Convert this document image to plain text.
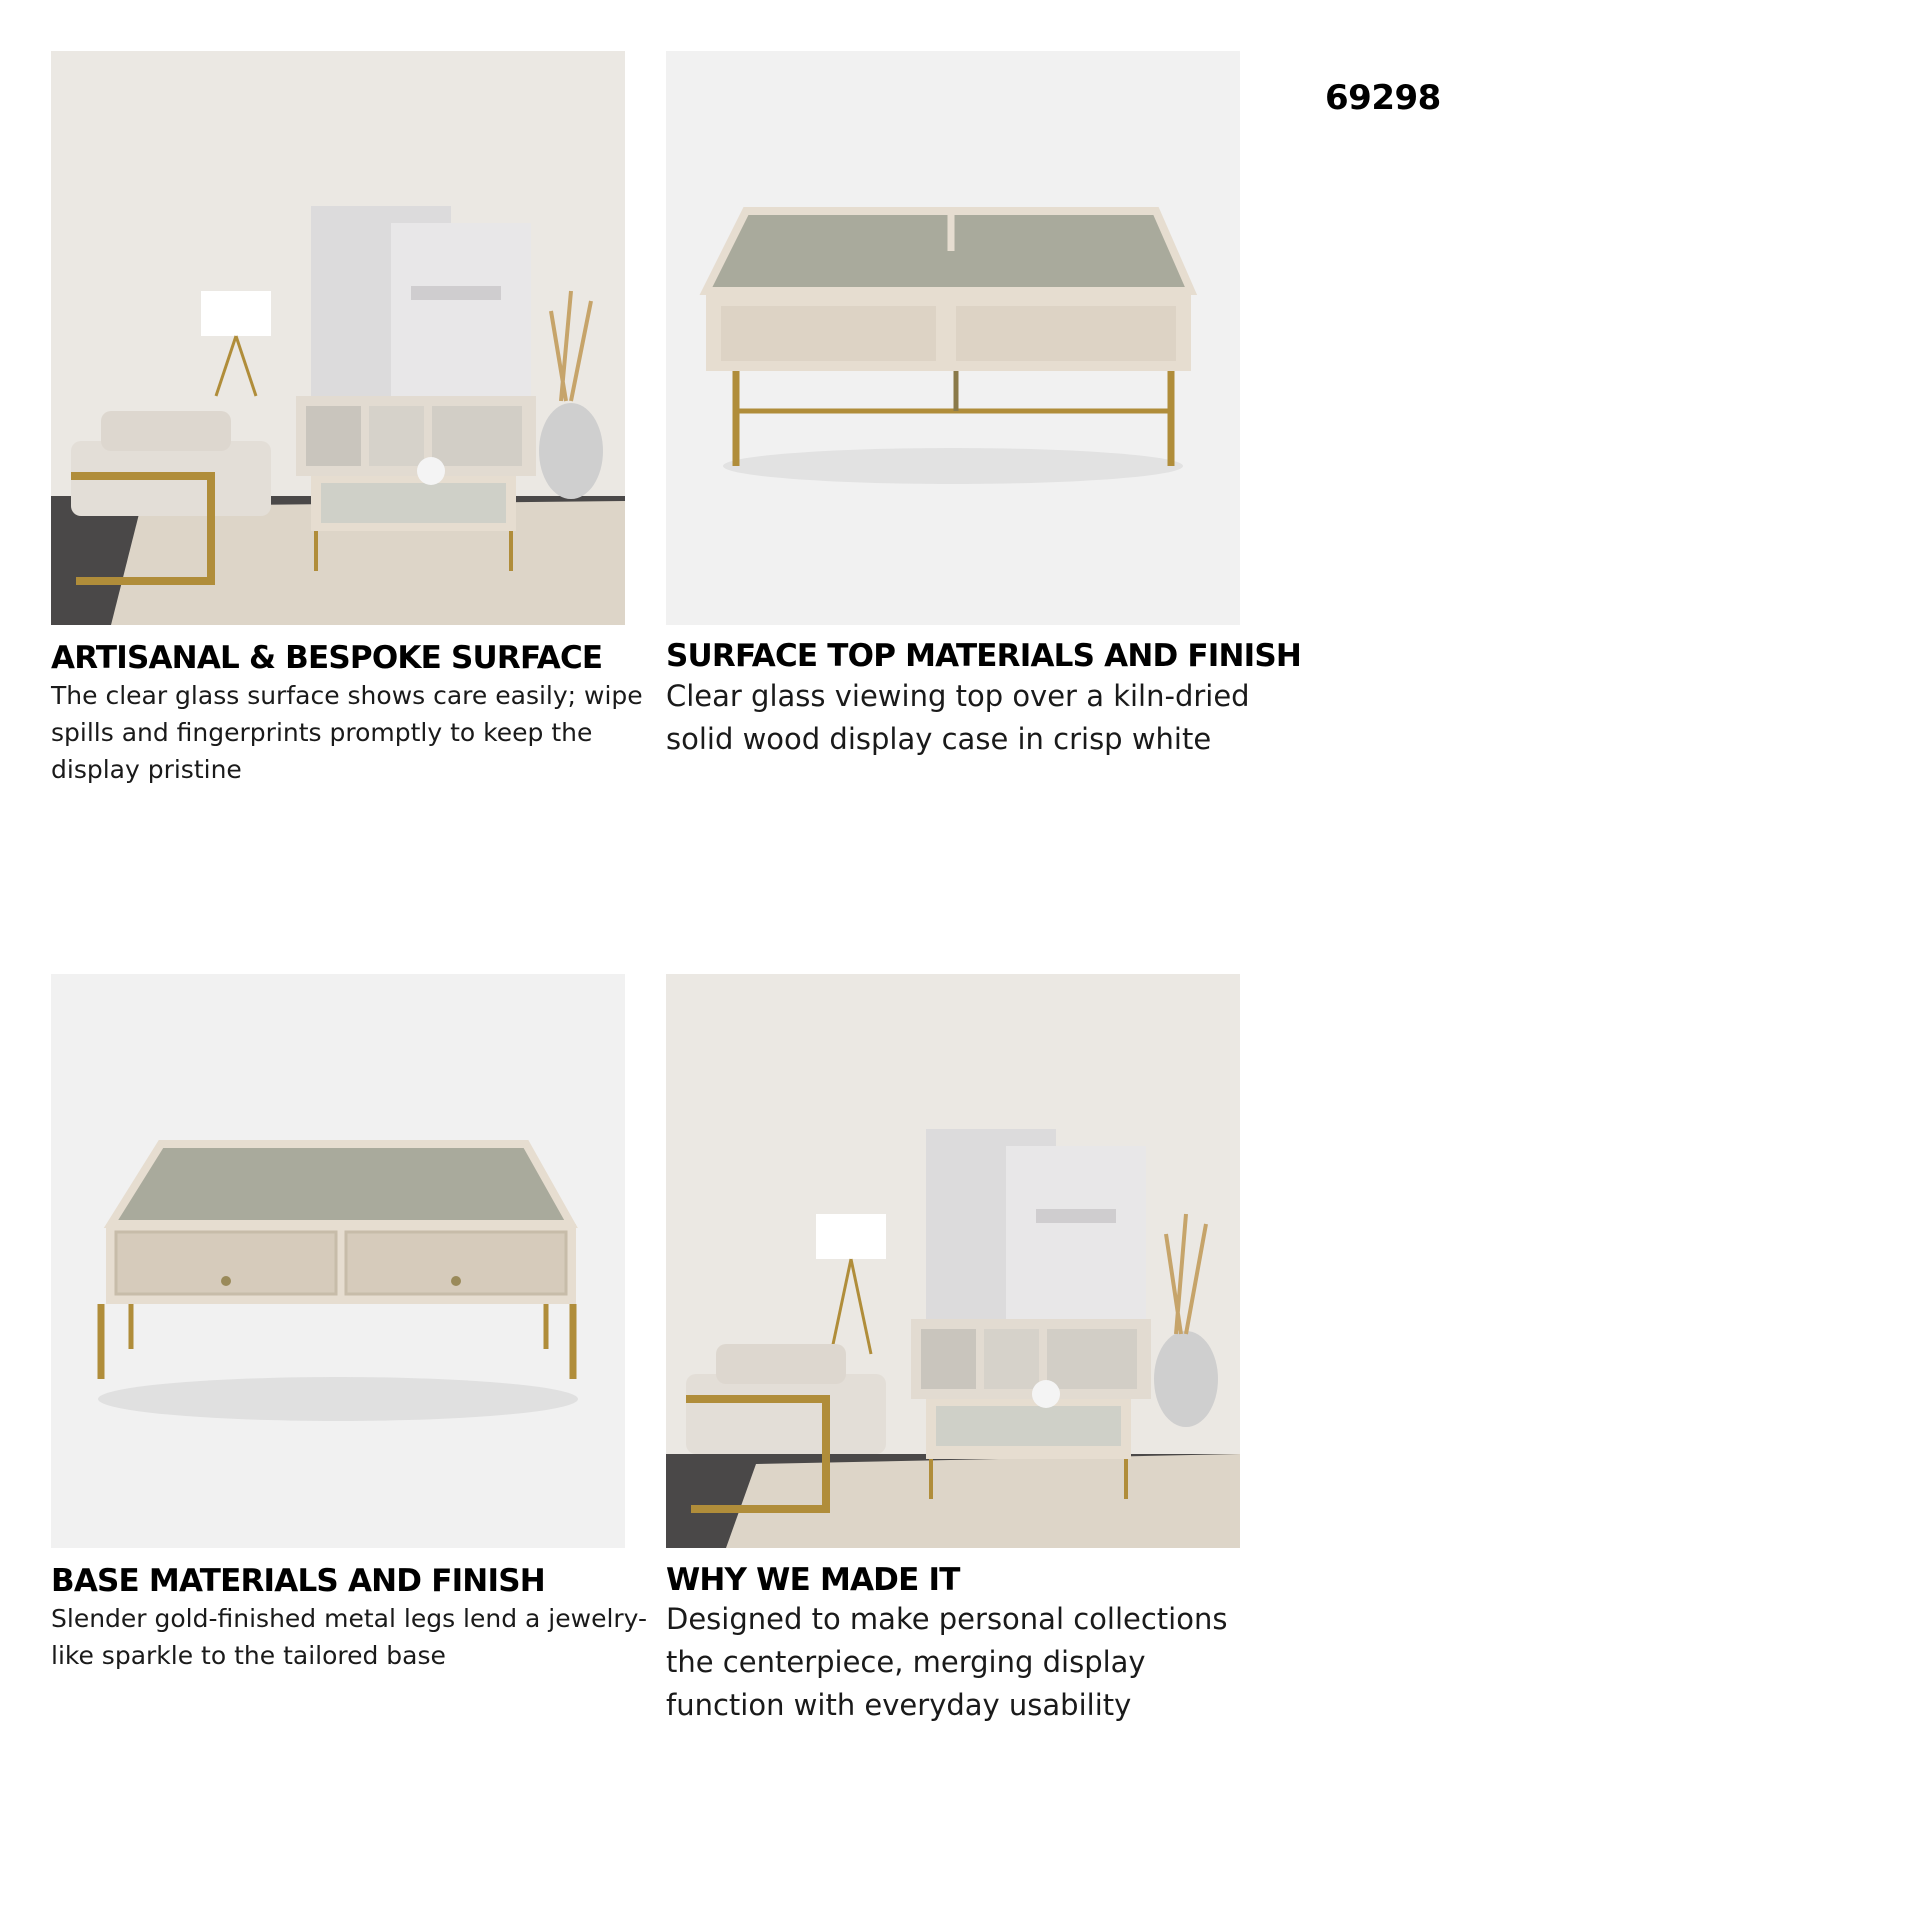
69298
ARTISANAL & BESPOKE SURFACE
The clear glass surface shows care easily; wipe spills and fingerprints promptly to keep the display pristine
SURFACE TOP MATERIALS AND FINISH
Clear glass viewing top over a kiln-dried solid wood display case in crisp white
BASE MATERIALS AND FINISH
Slender gold-finished metal legs lend a jewelry-like sparkle to the tailored base
WHY WE MADE IT
Designed to make personal collections the centerpiece, merging display function with everyday usability
